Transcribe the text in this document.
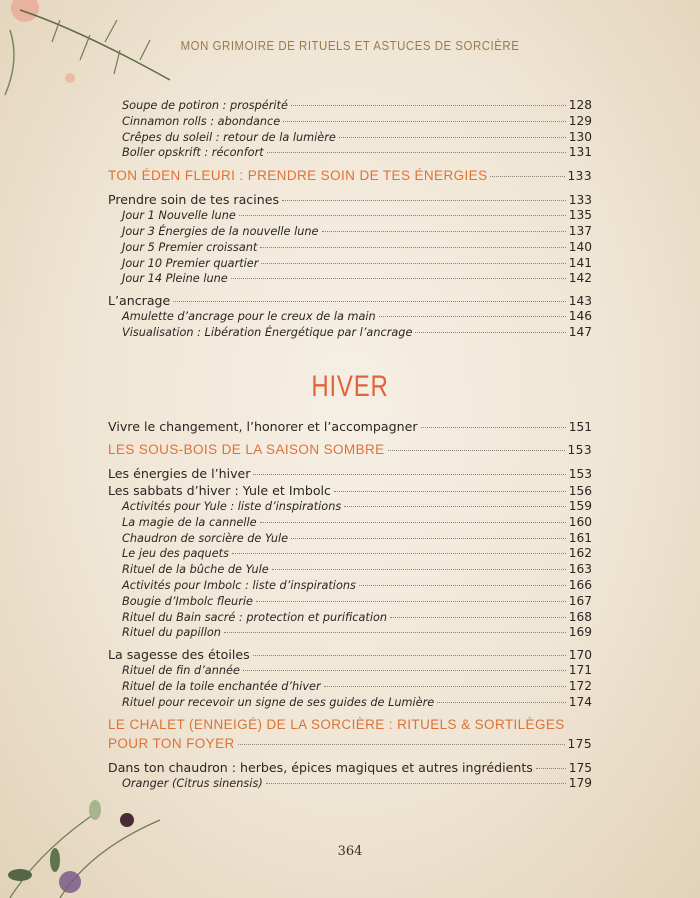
MON GRIMOIRE DE RITUELS ET ASTUCES DE SORCIÈRE
Soupe de potiron : prospérité	128
Cinnamon rolls : abondance	129
Crêpes du soleil : retour de la lumière	130
Boller opskrift : réconfort	131
TON ÉDEN FLEURI : PRENDRE SOIN DE TES ÉNERGIES	133
Prendre soin de tes racines	133
Jour 1 Nouvelle lune	135
Jour 3 Énergies de la nouvelle lune	137
Jour 5 Premier croissant	140
Jour 10 Premier quartier	141
Jour 14 Pleine lune	142
L’ancrage	143
Amulette d’ancrage pour le creux de la main	146
Visualisation : Libération Énergétique par l’ancrage	147
HIVER
Vivre le changement, l’honorer et l’accompagner	151
LES SOUS-BOIS DE LA SAISON SOMBRE	153
Les énergies de l’hiver	153
Les sabbats d’hiver : Yule et Imbolc	156
Activités pour Yule : liste d’inspirations	159
La magie de la cannelle	160
Chaudron de sorcière de Yule	161
Le jeu des paquets	162
Rituel de la bûche de Yule	163
Activités pour Imbolc : liste d’inspirations	166
Bougie d’Imbolc fleurie	167
Rituel du Bain sacré : protection et purification	168
Rituel du papillon	169
La sagesse des étoiles	170
Rituel de fin d’année	171
Rituel de la toile enchantée d’hiver	172
Rituel pour recevoir un signe de ses guides de Lumière	174
LE CHALET (ENNEIGÉ) DE LA SORCIÈRE : RITUELS & SORTILÈGES
POUR TON FOYER	175
Dans ton chaudron : herbes, épices magiques et autres ingrédients	175
Oranger (Citrus sinensis)	179
364
